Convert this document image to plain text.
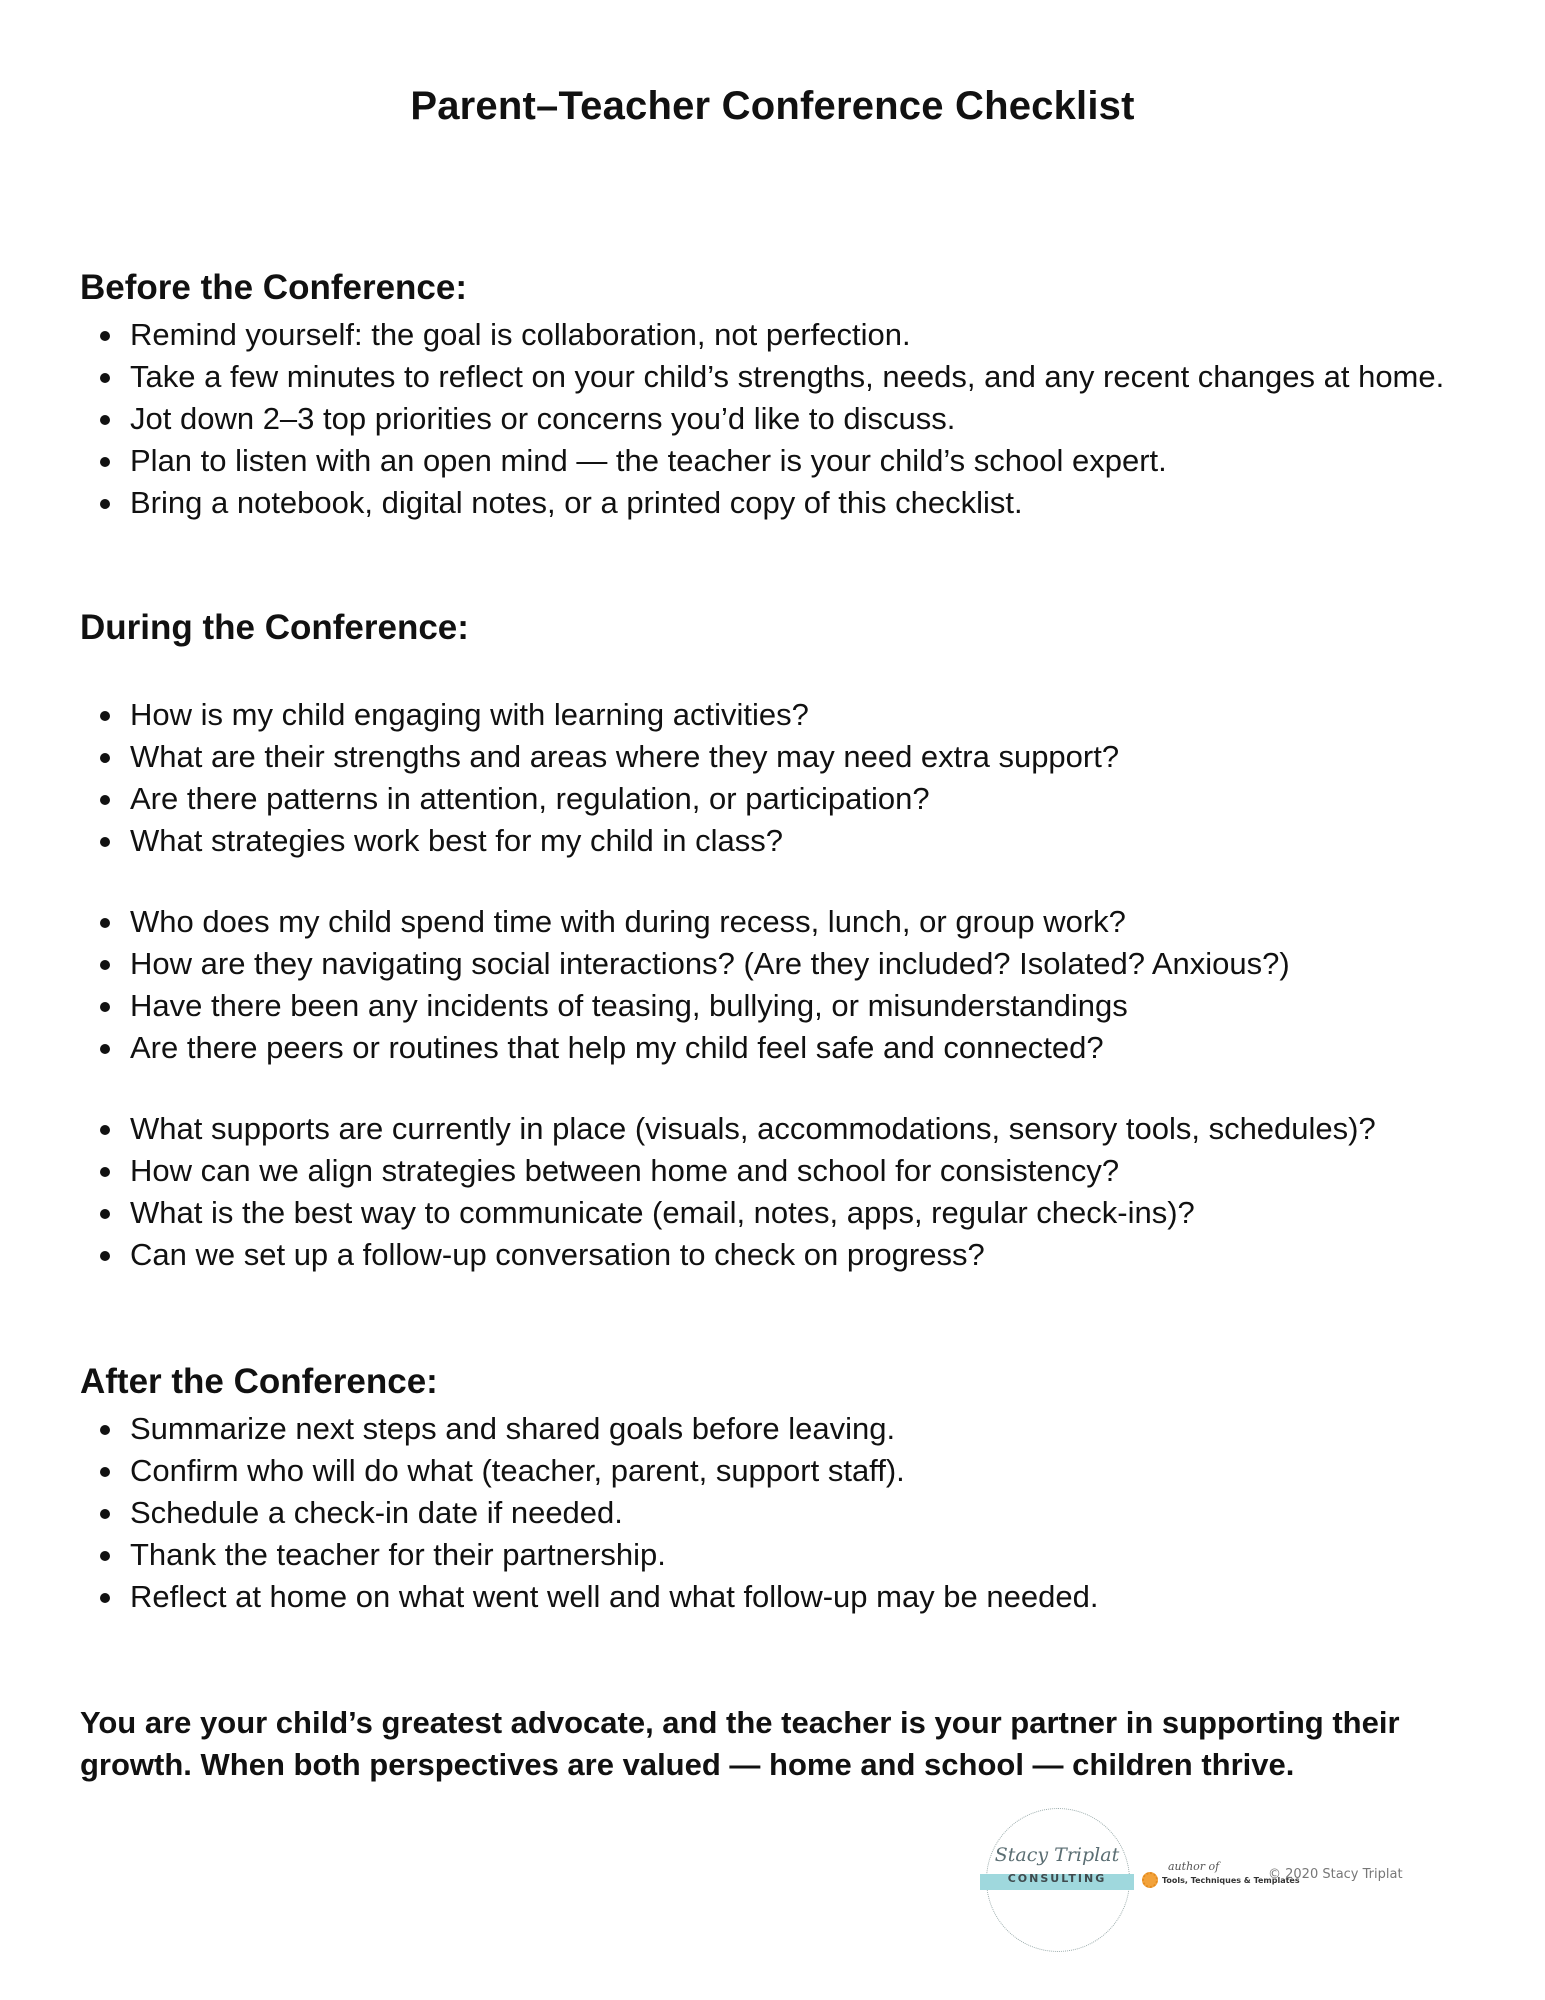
Parent–Teacher Conference Checklist
Before the Conference:
Remind yourself: the goal is collaboration, not perfection.
Take a few minutes to reflect on your child’s strengths, needs, and any recent changes at home.
Jot down 2–3 top priorities or concerns you’d like to discuss.
Plan to listen with an open mind — the teacher is your child’s school expert.
Bring a notebook, digital notes, or a printed copy of this checklist.
During the Conference:
How is my child engaging with learning activities?
What are their strengths and areas where they may need extra support?
Are there patterns in attention, regulation, or participation?
What strategies work best for my child in class?
Who does my child spend time with during recess, lunch, or group work?
How are they navigating social interactions? (Are they included? Isolated? Anxious?)
Have there been any incidents of teasing, bullying, or misunderstandings
Are there peers or routines that help my child feel safe and connected?
What supports are currently in place (visuals, accommodations, sensory tools, schedules)?
How can we align strategies between home and school for consistency?
What is the best way to communicate (email, notes, apps, regular check-ins)?
Can we set up a follow-up conversation to check on progress?
After the Conference:
Summarize next steps and shared goals before leaving.
Confirm who will do what (teacher, parent, support staff).
Schedule a check-in date if needed.
Thank the teacher for their partnership.
Reflect at home on what went well and what follow-up may be needed.

You are your child’s greatest advocate, and the teacher is your partner in supporting their growth. When both perspectives are valued — home and school — children thrive.

Stacy Triplat
CONSULTING
author of
Tools, Techniques & Templates
© 2020 Stacy Triplat
